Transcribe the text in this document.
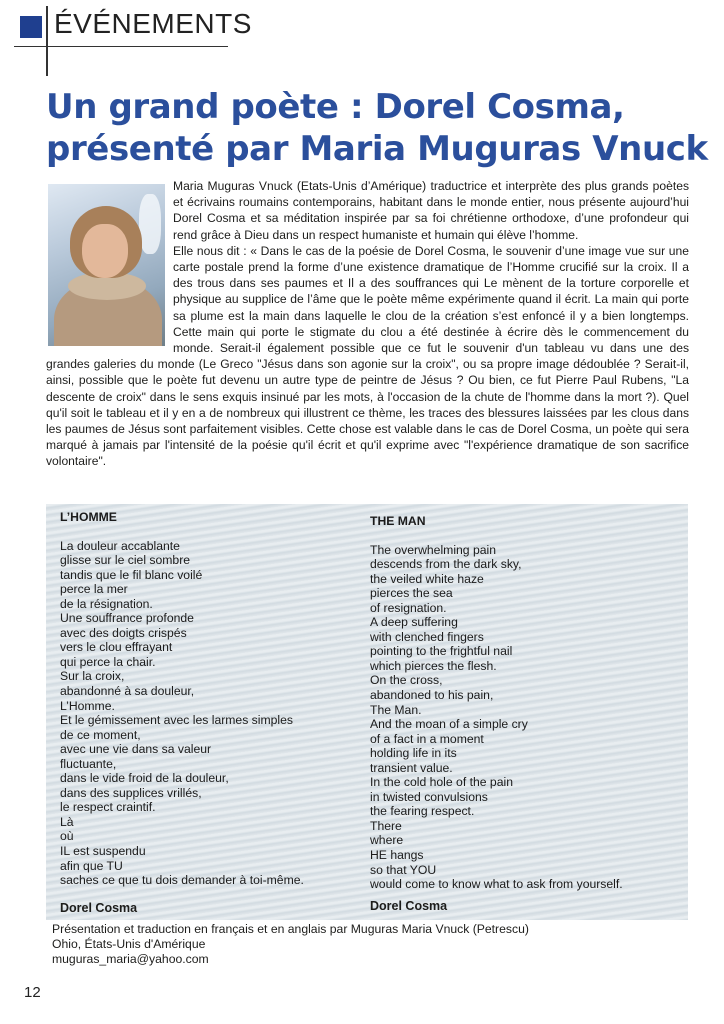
ÉVÉNEMENTS
Un grand poète : Dorel Cosma,
présenté par Maria Muguras Vnuck

Maria Muguras Vnuck (Etats-Unis d’Amérique) traductrice et interprète des plus grands poètes et écrivains roumains contemporains, habitant dans le monde entier, nous présente aujourd’hui Dorel Cosma et sa méditation inspirée par sa foi chrétienne orthodoxe, d’une profondeur qui rend grâce à Dieu dans un respect humaniste et humain qui élève l’homme.

Elle nous dit : « Dans le cas de la poésie de Dorel Cosma, le souvenir d’une image vue sur une carte postale prend la forme d’une existence dramatique de l’Homme crucifié sur la croix. Il a des trous dans ses paumes et Il a des souffrances qui Le mènent de la torture corporelle et physique au supplice de l’âme que le poète même expérimente quand il écrit. La main qui porte sa plume est la main dans laquelle le clou de la création s’est enfoncé il y a bien longtemps. Cette main qui porte le stigmate du clou a été destinée à écrire dès le commencement du monde. Serait-il également possible que ce fut le souvenir d'un tableau vu dans une des grandes galeries du monde (Le Greco "Jésus dans son agonie sur la croix", ou sa propre image dédoublée ? Serait-il, ainsi, possible que le poète fut devenu un autre type de peintre de Jésus ? Ou bien, ce fut Pierre Paul Rubens, "La descente de croix" dans le sens exquis insinué par les mots, à l'occasion de la chute de l'homme dans la mort ?). Quel qu'il soit le tableau et il y en a de nombreux qui illustrent ce thème, les traces des blessures laissées par les clous dans les paumes de Jésus sont parfaitement visibles. Cette chose est valable dans le cas de Dorel Cosma, un poète qui sera marqué à jamais par l'intensité de la poésie qu'il écrit et qu'il exprime avec "l'expérience dramatique de son sacrifice volontaire".

L’HOMME
La douleur accablante
glisse sur le ciel sombre
tandis que le fil blanc voilé
perce la mer
de la résignation.
Une souffrance profonde
avec des doigts crispés
vers le clou effrayant
qui perce la chair.
Sur la croix,
abandonné à sa douleur,
L’Homme.
Et le gémissement avec les larmes simples
de ce moment,
avec une vie dans sa valeur
fluctuante,
dans le vide froid de la douleur,
dans des supplices vrillés,
le respect craintif.
Là
où
IL est suspendu
afin que TU
saches ce que tu dois demander à toi-même.
THE MAN
The overwhelming pain
descends from the dark sky,
the veiled white haze
pierces the sea
of resignation.
A deep suffering
with clenched fingers
pointing to the frightful nail
which pierces the flesh.
On the cross,
abandoned to his pain,
The Man.
And the moan of a simple cry
of a fact in a moment
holding life in its
transient value.
In the cold hole of the pain
in twisted convulsions
the fearing respect.
There
where
HE hangs
so that YOU
would come to know what to ask from yourself.
Dorel Cosma	Dorel Cosma
Présentation et traduction en français et en anglais par Muguras Maria Vnuck (Petrescu)
Ohio, États-Unis d'Amérique
muguras_maria@yahoo.com
12
